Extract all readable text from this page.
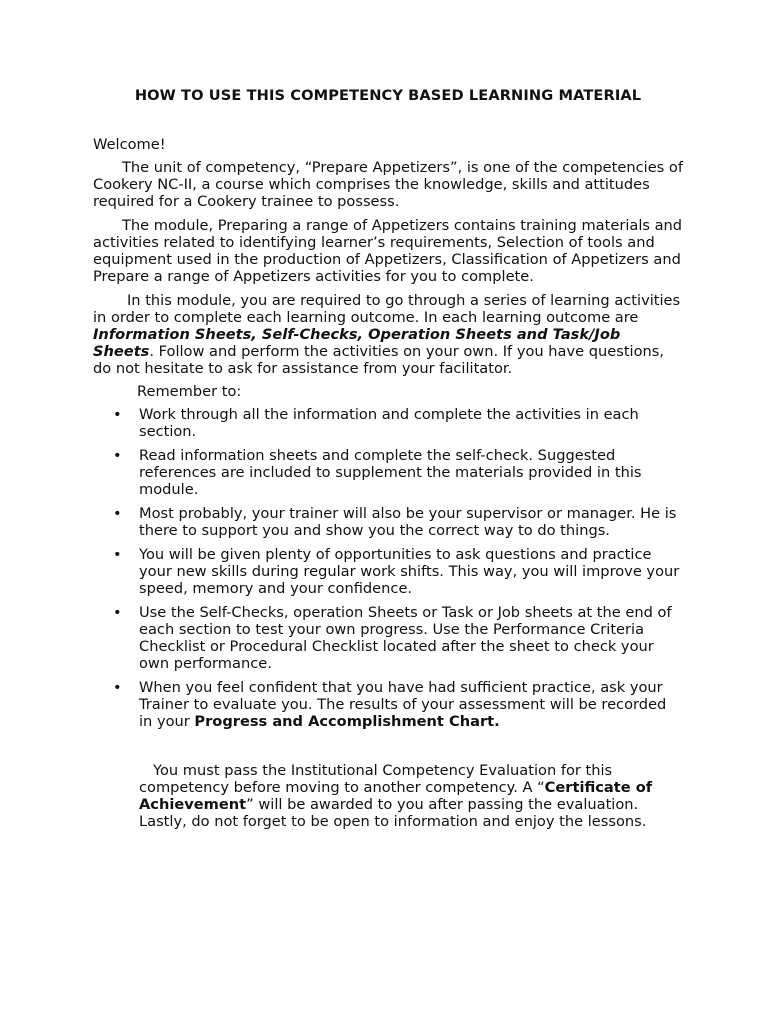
HOW TO USE THIS COMPETENCY BASED LEARNING MATERIAL

Welcome!

The unit of competency, “Prepare Appetizers”, is one of the competencies of Cookery NC-II, a course which comprises the knowledge, skills and attitudes required for a Cookery trainee to possess.

The module, Preparing a range of Appetizers contains training materials and activities related to identifying learner’s requirements, Selection of tools and equipment used in the production of Appetizers, Classification of Appetizers and Prepare a range of Appetizers activities for you to complete.

In this module, you are required to go through a series of learning activities in order to complete each learning outcome. In each learning outcome are Information Sheets, Self-Checks, Operation Sheets and Task/Job Sheets. Follow and perform the activities on your own. If you have questions, do not hesitate to ask for assistance from your facilitator.

Remember to:

• Work through all the information and complete the activities in each section.
• Read information sheets and complete the self-check. Suggested references are included to supplement the materials provided in this module.
• Most probably, your trainer will also be your supervisor or manager. He is there to support you and show you the correct way to do things.
• You will be given plenty of opportunities to ask questions and practice your new skills during regular work shifts. This way, you will improve your speed, memory and your confidence.
• Use the Self-Checks, operation Sheets or Task or Job sheets at the end of each section to test your own progress. Use the Performance Criteria Checklist or Procedural Checklist located after the sheet to check your own performance.
• When you feel confident that you have had sufficient practice, ask your Trainer to evaluate you. The results of your assessment will be recorded in your Progress and Accomplishment Chart.

You must pass the Institutional Competency Evaluation for this competency before moving to another competency. A “Certificate of Achievement” will be awarded to you after passing the evaluation. Lastly, do not forget to be open to information and enjoy the lessons.
